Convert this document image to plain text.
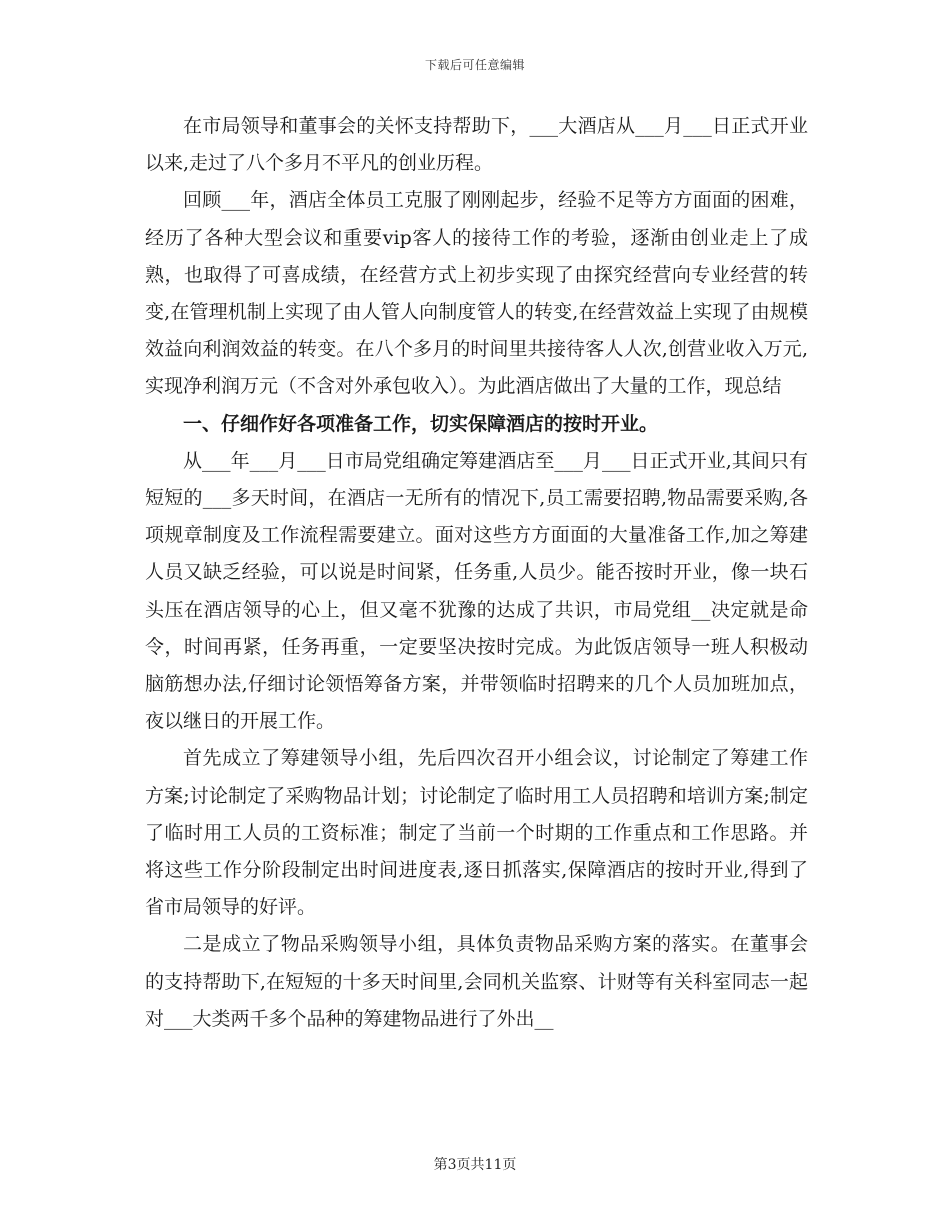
下载后可任意编辑

在市局领导和董事会的关怀支持帮助下，___大酒店从___月___日正式开业以来,走过了八个多月不平凡的创业历程。

回顾___年，酒店全体员工克服了刚刚起步，经验不足等方方面面的困难，经历了各种大型会议和重要vip客人的接待工作的考验，逐渐由创业走上了成熟，也取得了可喜成绩，在经营方式上初步实现了由探究经营向专业经营的转变,在管理机制上实现了由人管人向制度管人的转变,在经营效益上实现了由规模效益向利润效益的转变。在八个多月的时间里共接待客人人次,创营业收入万元,实现净利润万元（不含对外承包收入）。为此酒店做出了大量的工作，现总结

一、仔细作好各项准备工作，切实保障酒店的按时开业。

从___年___月___日市局党组确定筹建酒店至___月___日正式开业,其间只有短短的___多天时间，在酒店一无所有的情况下,员工需要招聘,物品需要采购,各项规章制度及工作流程需要建立。面对这些方方面面的大量准备工作,加之筹建人员又缺乏经验，可以说是时间紧，任务重,人员少。能否按时开业，像一块石头压在酒店领导的心上，但又毫不犹豫的达成了共识，市局党组__决定就是命令，时间再紧，任务再重，一定要坚决按时完成。为此饭店领导一班人积极动脑筋想办法,仔细讨论领悟筹备方案，并带领临时招聘来的几个人员加班加点，夜以继日的开展工作。

首先成立了筹建领导小组，先后四次召开小组会议，讨论制定了筹建工作方案;讨论制定了采购物品计划；讨论制定了临时用工人员招聘和培训方案;制定了临时用工人员的工资标准；制定了当前一个时期的工作重点和工作思路。并将这些工作分阶段制定出时间进度表,逐日抓落实,保障酒店的按时开业,得到了省市局领导的好评。

二是成立了物品采购领导小组，具体负责物品采购方案的落实。在董事会的支持帮助下,在短短的十多天时间里,会同机关监察、计财等有关科室同志一起对___大类两千多个品种的筹建物品进行了外出__

第3页共11页
